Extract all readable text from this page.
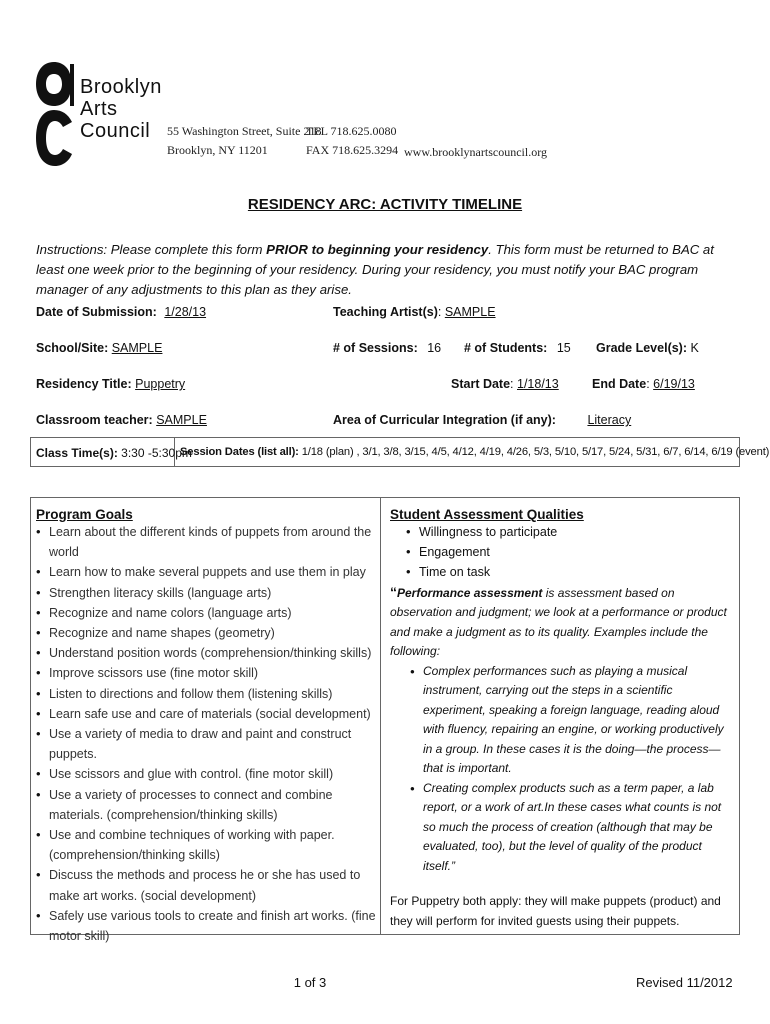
Brooklyn
Arts
Council	55 Washington Street, Suite 218
Brooklyn, NY 11201
TEL 718.625.0080
FAX 718.625.3294 www.brooklynartscouncil.org
RESIDENCY ARC: ACTIVITY TIMELINE
Instructions: Please complete this form PRIOR to beginning your residency. This form must be returned to BAC at least one week prior to the beginning of your residency. During your residency, you must notify your BAC program manager of any adjustments to this plan as they arise.
Date of Submission: 1/28/13	Teaching Artist(s): SAMPLE
School/Site: SAMPLE	# of Sessions: 16 # of Students: 15 Grade Level(s): K
Residency Title: Puppetry	Start Date: 1/18/13	End Date: 6/19/13
Classroom teacher: SAMPLE	Area of Curricular Integration (if any):	Literacy
Class Time(s): 3:30 -5:30pm
Session Dates (list all): 1/18 (plan) , 3/1, 3/8, 3/15, 4/5, 4/12, 4/19, 4/26, 5/3, 5/10, 5/17, 5/24, 5/31, 6/7, 6/14, 6/19 (event)
Program Goals
• Learn about the different kinds of puppets from around the world
• Learn how to make several puppets and use them in play
• Strengthen literacy skills (language arts)
• Recognize and name colors (language arts)
• Recognize and name shapes (geometry)
• Understand position words (comprehension/thinking skills)
• Improve scissors use (fine motor skill)
• Listen to directions and follow them (listening skills)
• Learn safe use and care of materials (social development)
• Use a variety of media to draw and paint and construct puppets.
• Use scissors and glue with control. (fine motor skill)
• Use a variety of processes to connect and combine materials. (comprehension/thinking skills)
• Use and combine techniques of working with paper. (comprehension/thinking skills)
• Discuss the methods and process he or she has used to make art works. (social development)
• Safely use various tools to create and finish art works. (fine motor skill)
Student Assessment Qualities
• Willingness to participate
• Engagement
• Time on task
“Performance assessment is assessment based on observation and judgment; we look at a performance or product and make a judgment as to its quality. Examples include the following:
• Complex performances such as playing a musical instrument, carrying out the steps in a scientific experiment, speaking a foreign language, reading aloud with fluency, repairing an engine, or working productively in a group. In these cases it is the doing—the process—that is important.
• Creating complex products such as a term paper, a lab report, or a work of art.In these cases what counts is not so much the process of creation (although that may be evaluated, too), but the level of quality of the product itself.”
For Puppetry both apply: they will make puppets (product) and they will perform for invited guests using their puppets.
1 of 3	Revised 11/2012
